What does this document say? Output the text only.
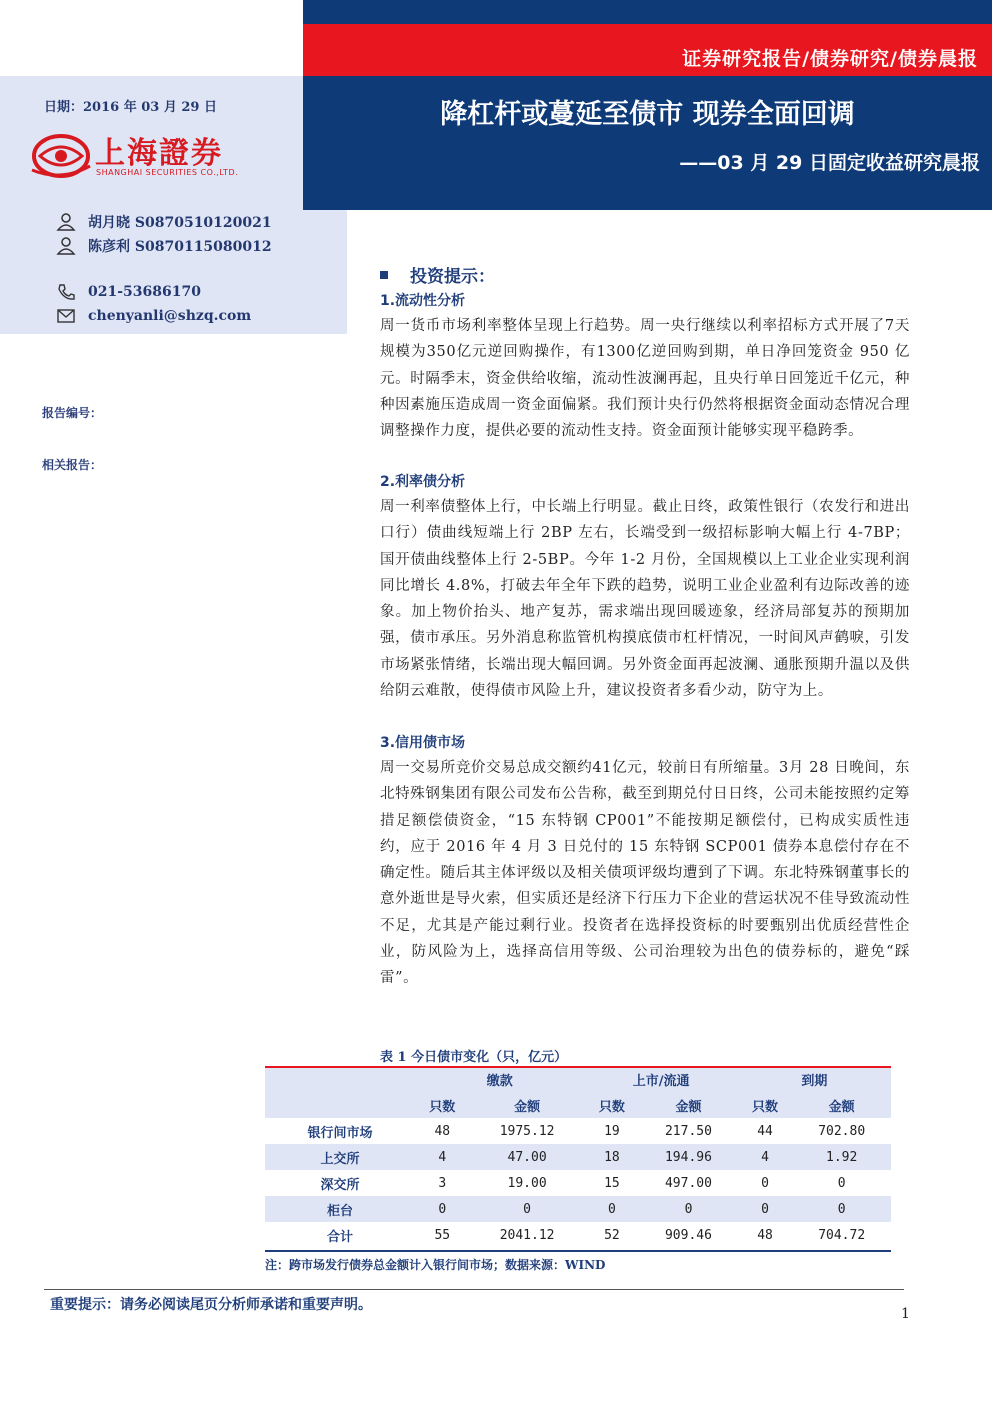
证券研究报告/债券研究/债券晨报
降杠杆或蔓延至债市 现券全面回调
——03 月 29 日固定收益研究晨报
日期：2016 年 03 月 29 日
上海證券
SHANGHAI SECURITIES CO.,LTD.
胡月晓 S0870510120021
陈彦利 S0870115080012
021-53686170
chenyanli@shzq.com
报告编号：
相关报告：
投资提示：
1.流动性分析
周一货币市场利率整体呈现上行趋势。周一央行继续以利率招标方式开展了7天规模为350亿元逆回购操作，有1300亿逆回购到期，单日净回笼资金 950 亿元。时隔季末，资金供给收缩，流动性波澜再起，且央行单日回笼近千亿元，种种因素施压造成周一资金面偏紧。我们预计央行仍然将根据资金面动态情况合理调整操作力度，提供必要的流动性支持。资金面预计能够实现平稳跨季。
2.利率债分析
周一利率债整体上行，中长端上行明显。截止日终，政策性银行（农发行和进出口行）债曲线短端上行 2BP 左右，长端受到一级招标影响大幅上行 4-7BP；国开债曲线整体上行 2-5BP。今年 1-2 月份，全国规模以上工业企业实现利润同比增长 4.8%，打破去年全年下跌的趋势，说明工业企业盈利有边际改善的迹象。加上物价抬头、地产复苏，需求端出现回暖迹象，经济局部复苏的预期加强，债市承压。另外消息称监管机构摸底债市杠杆情况，一时间风声鹤唳，引发市场紧张情绪，长端出现大幅回调。另外资金面再起波澜、通胀预期升温以及供给阴云难散，使得债市风险上升，建议投资者多看少动，防守为上。
3.信用债市场
周一交易所竞价交易总成交额约41亿元，较前日有所缩量。3月 28 日晚间，东北特殊钢集团有限公司发布公告称，截至到期兑付日日终，公司未能按照约定筹措足额偿债资金，“15 东特钢 CP001”不能按期足额偿付，已构成实质性违约，应于 2016 年 4 月 3 日兑付的 15 东特钢 SCP001 债券本息偿付存在不确定性。随后其主体评级以及相关债项评级均遭到了下调。东北特殊钢董事长的意外逝世是导火索，但实质还是经济下行压力下企业的营运状况不佳导致流动性不足，尤其是产能过剩行业。投资者在选择投资标的时要甄别出优质经营性企业，防风险为上，选择高信用等级、公司治理较为出色的债券标的，避免“踩雷”。
表 1 今日债市变化（只，亿元）
	缴款		上市/流通		到期	
	只数	金额	只数	金额	只数	金额
银行间市场	48	1975.12	19	217.50	44	702.80
上交所	4	47.00	18	194.96	4	1.92
深交所	3	19.00	15	497.00	0	0
柜台	0	0	0	0	0	0
合计	55	2041.12	52	909.46	48	704.72
注：跨市场发行债券总金额计入银行间市场；数据来源：WIND
重要提示：请务必阅读尾页分析师承诺和重要声明。
1
